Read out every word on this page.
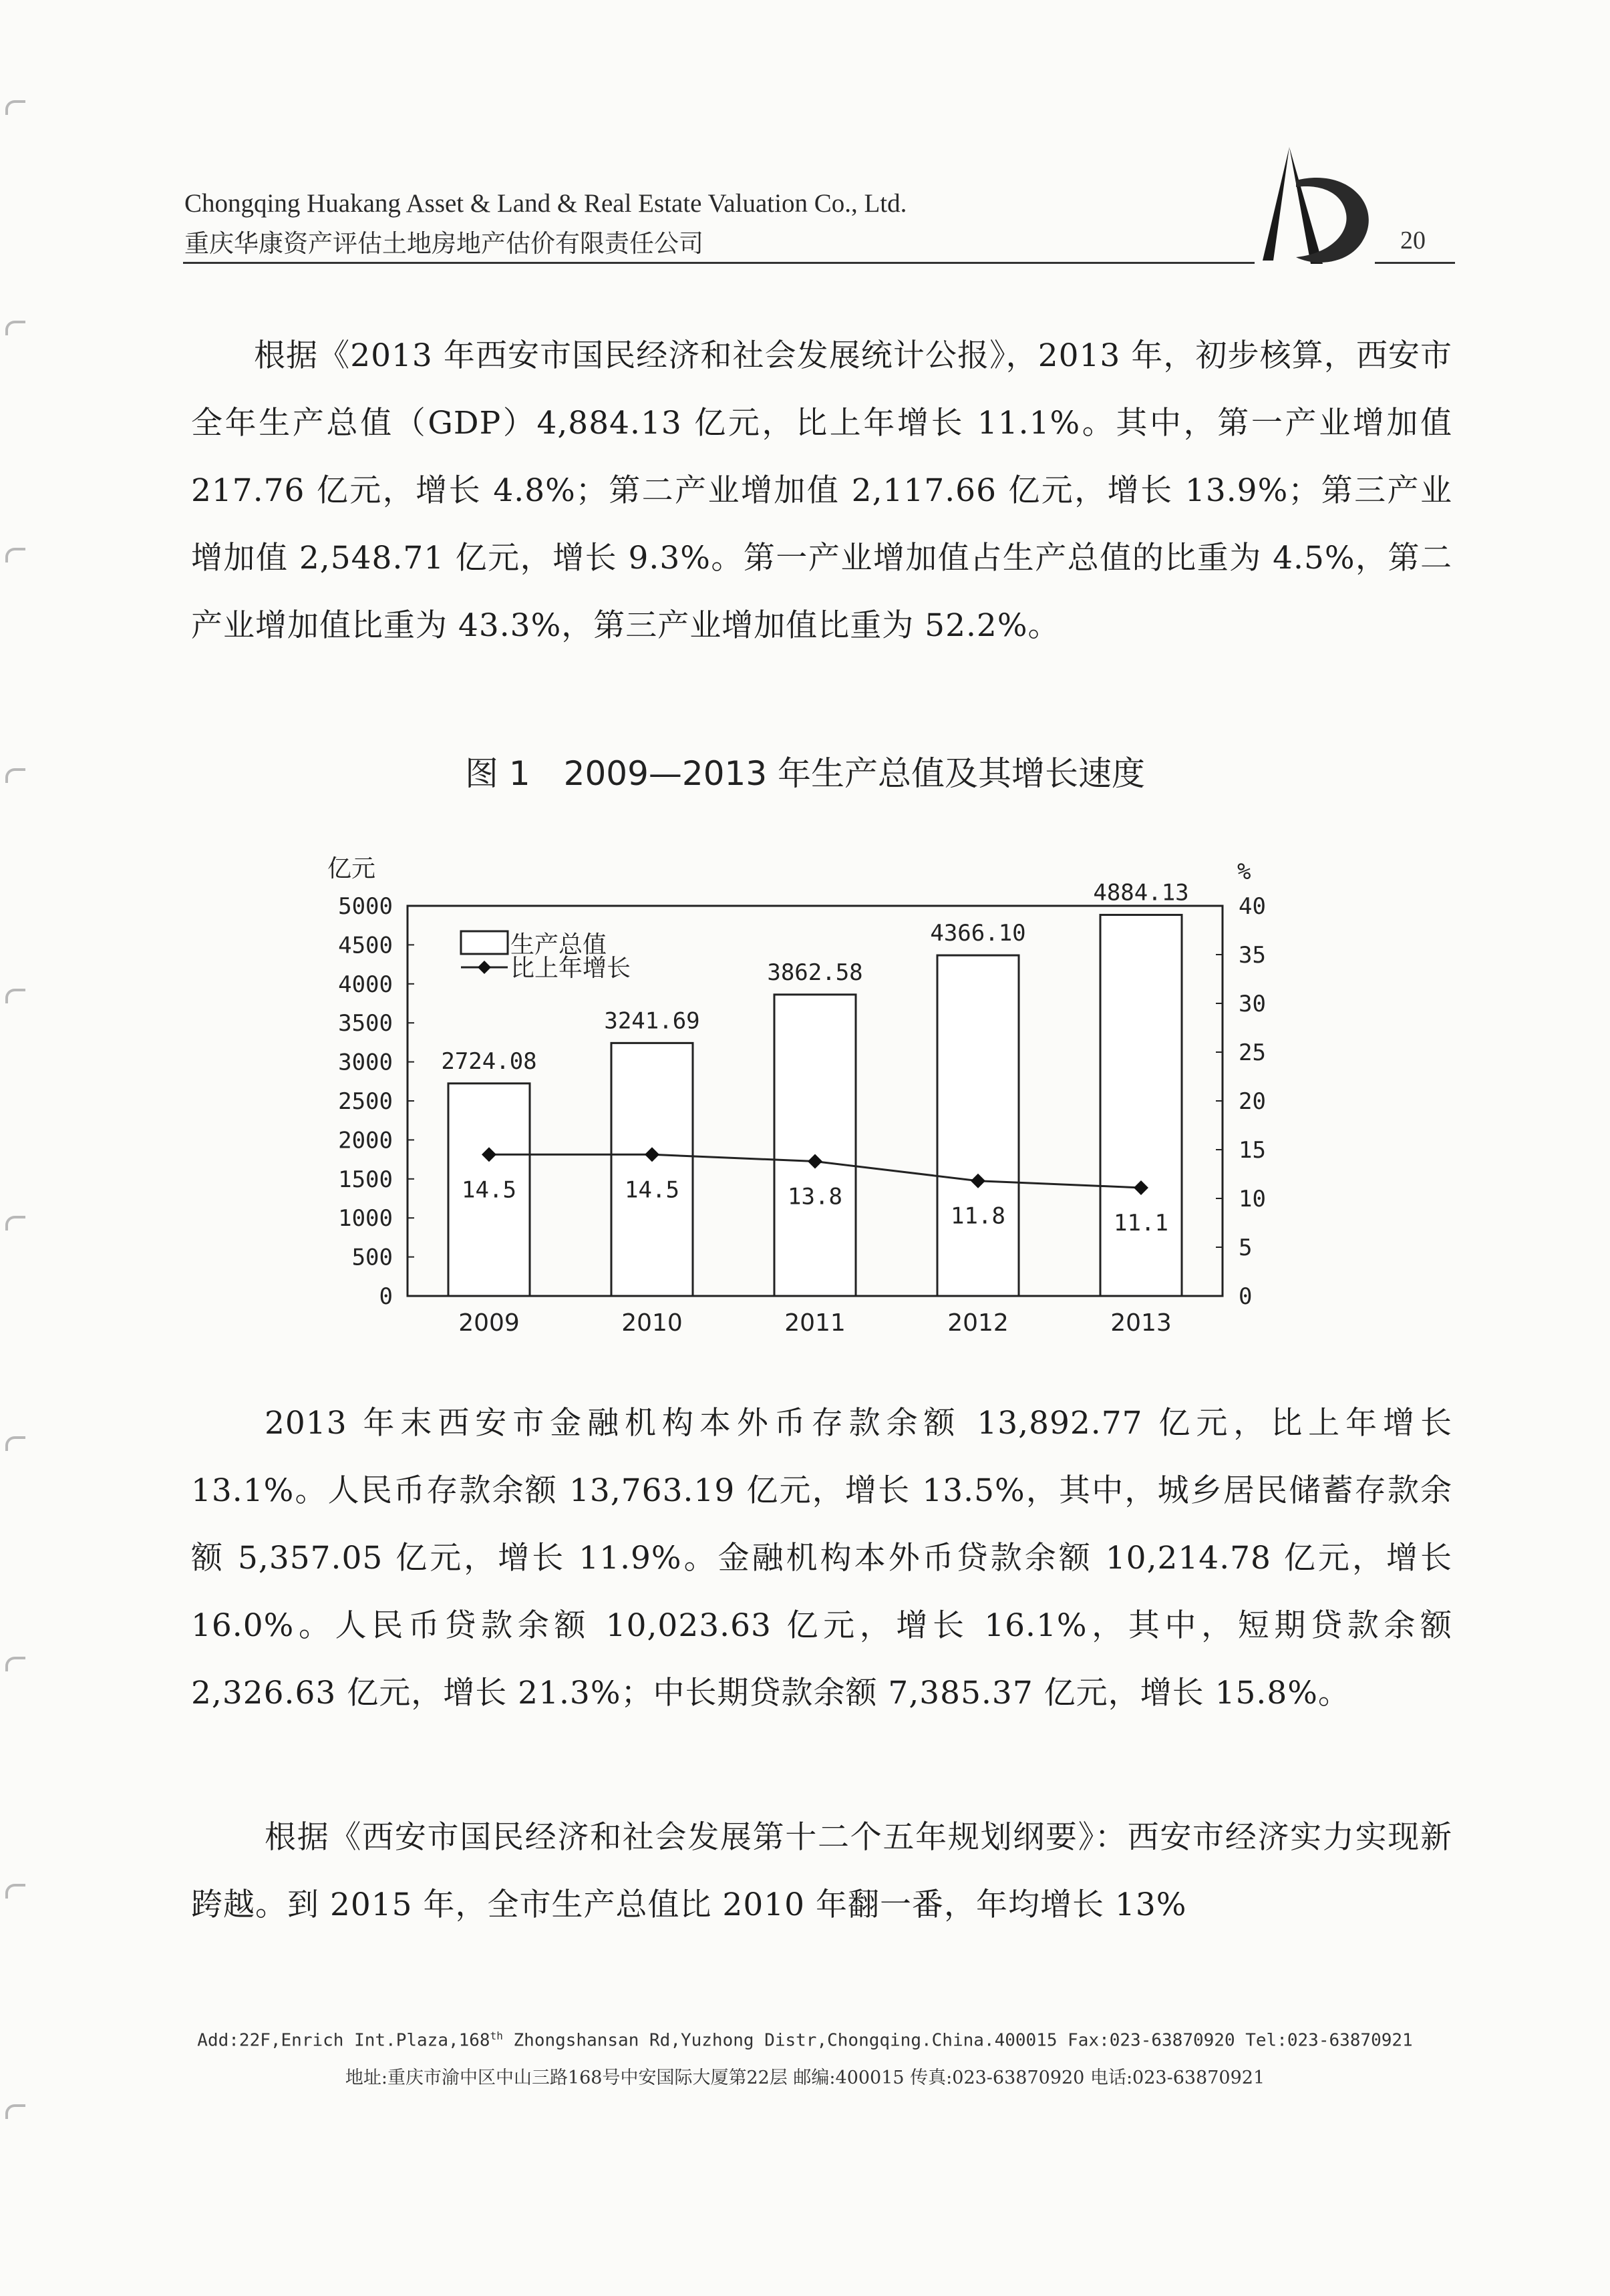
Chongqing Huakang Asset & Land & Real Estate Valuation Co., Ltd.
重庆华康资产评估土地房地产估价有限责任公司	20

根据《2013 年西安市国民经济和社会发展统计公报》，2013 年，初步核算，西安市全年生产总值（GDP）4,884.13 亿元，比上年增长 11.1%。其中，第一产业增加值 217.76 亿元，增长 4.8%；第二产业增加值 2,117.66 亿元，增长 13.9%；第三产业增加值 2,548.71 亿元，增长 9.3%。第一产业增加值占生产总值的比重为 4.5%，第二产业增加值比重为 43.3%，第三产业增加值比重为 52.2%。

图 1　2009—2013 年生产总值及其增长速度
0
500
1000
1500
2000
2500
3000
3500
4000
4500
5000
0
5
10
15
20
25
30
35
40
亿元	%
2724.08
2009
3241.69
2010
3862.58
2011
4366.10
2012
4884.13
2013
14.5	14.5	13.8
11.8	11.1
生产总值
比上年增长

2013 年末西安市金融机构本外币存款余额 13,892.77 亿元，比上年增长 13.1%。人民币存款余额 13,763.19 亿元，增长 13.5%，其中，城乡居民储蓄存款余额 5,357.05 亿元，增长 11.9%。金融机构本外币贷款余额 10,214.78 亿元，增长 16.0%。人民币贷款余额 10,023.63 亿元，增长 16.1%，其中，短期贷款余额 2,326.63 亿元，增长 21.3%；中长期贷款余额 7,385.37 亿元，增长 15.8%。

根据《西安市国民经济和社会发展第十二个五年规划纲要》：西安市经济实力实现新跨越。到 2015 年，全市生产总值比 2010 年翻一番，年均增长 13%

Add:22F,Enrich Int.Plaza,168th Zhongshansan Rd,Yuzhong Distr,Chongqing.China.400015 Fax:023-63870920 Tel:023-63870921
地址:重庆市渝中区中山三路168号中安国际大厦第22层 邮编:400015 传真:023-63870920 电话:023-63870921
